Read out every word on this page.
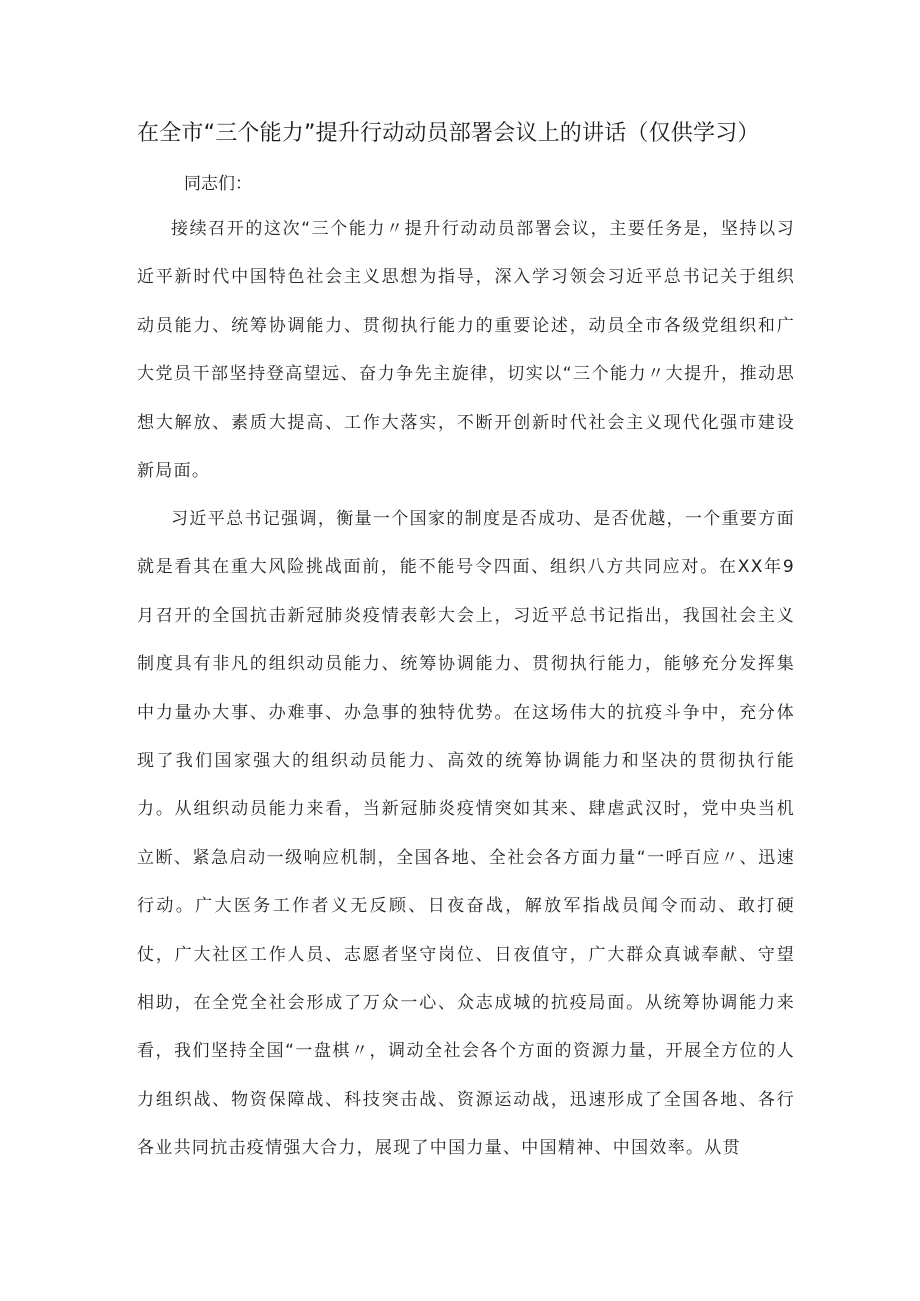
在全市“三个能力”提升行动动员部署会议上的讲话（仅供学习）
同志们：
接续召开的这次“三个能力〃提升行动动员部署会议，主要任务是，坚持以习近平新时代中国特色社会主义思想为指导，深入学习领会习近平总书记关于组织动员能力、统筹协调能力、贯彻执行能力的重要论述，动员全市各级党组织和广大党员干部坚持登高望远、奋力争先主旋律，切实以“三个能力〃大提升，推动思想大解放、素质大提高、工作大落实，不断开创新时代社会主义现代化强市建设新局面。
习近平总书记强调，衡量一个国家的制度是否成功、是否优越，一个重要方面就是看其在重大风险挑战面前，能不能号令四面、组织八方共同应对。在XX年9月召开的全国抗击新冠肺炎疫情表彰大会上，习近平总书记指出，我国社会主义制度具有非凡的组织动员能力、统筹协调能力、贯彻执行能力，能够充分发挥集中力量办大事、办难事、办急事的独特优势。在这场伟大的抗疫斗争中，充分体现了我们国家强大的组织动员能力、高效的统筹协调能力和坚决的贯彻执行能力。从组织动员能力来看，当新冠肺炎疫情突如其来、肆虐武汉时，党中央当机立断、紧急启动一级响应机制，全国各地、全社会各方面力量“一呼百应〃、迅速行动。广大医务工作者义无反顾、日夜奋战，解放军指战员闻令而动、敢打硬仗，广大社区工作人员、志愿者坚守岗位、日夜值守，广大群众真诚奉献、守望相助，在全党全社会形成了万众一心、众志成城的抗疫局面。从统筹协调能力来看，我们坚持全国“一盘棋〃，调动全社会各个方面的资源力量，开展全方位的人力组织战、物资保障战、科技突击战、资源运动战，迅速形成了全国各地、各行各业共同抗击疫情强大合力，展现了中国力量、中国精神、中国效率。从贯
